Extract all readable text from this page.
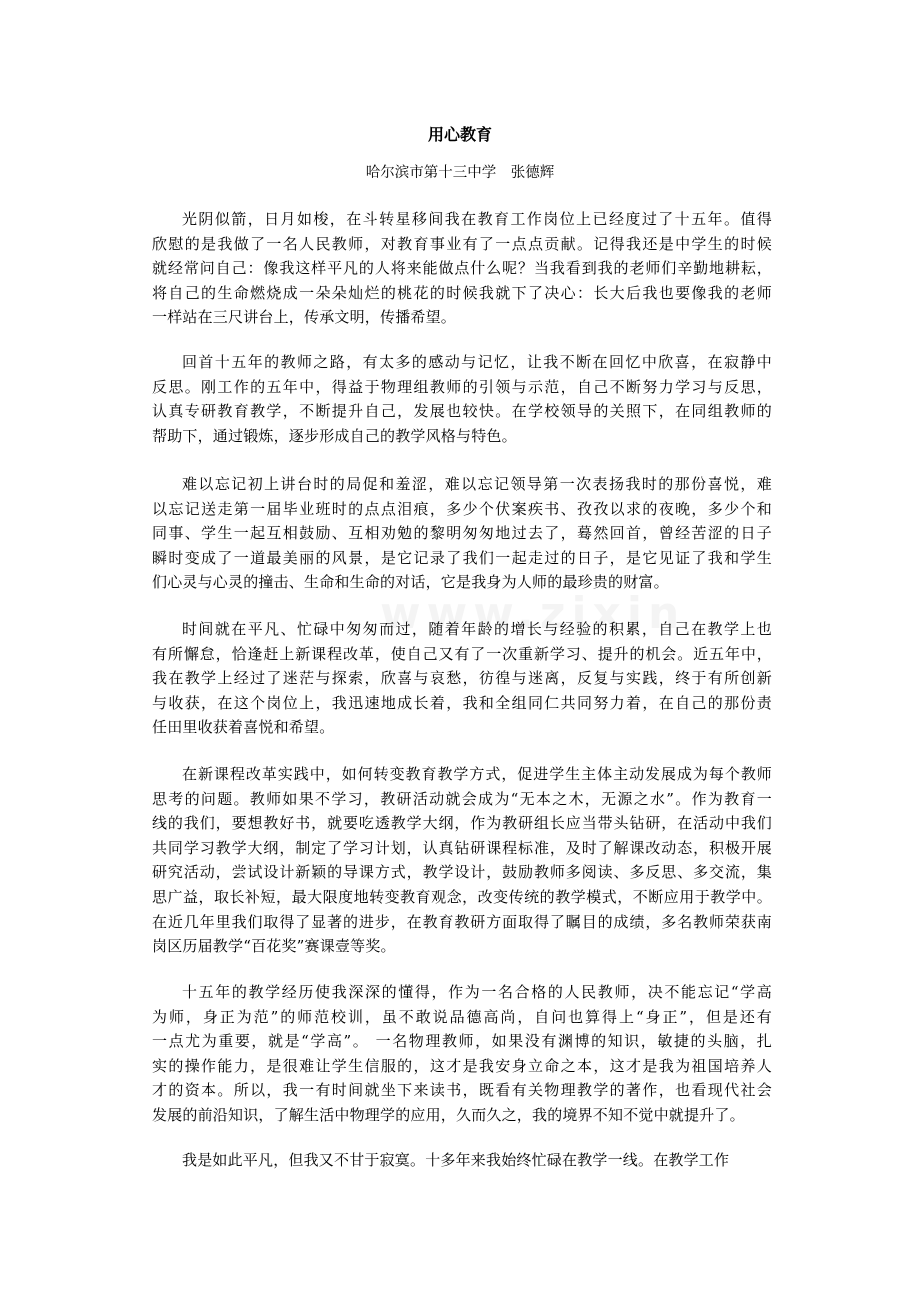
用心教育
哈尔滨市第十三中学　张德辉
光阴似箭，日月如梭，在斗转星移间我在教育工作岗位上已经度过了十五年。值得
欣慰的是我做了一名人民教师，对教育事业有了一点点贡献。记得我还是中学生的时候
就经常问自己：像我这样平凡的人将来能做点什么呢？当我看到我的老师们辛勤地耕耘，
将自己的生命燃烧成一朵朵灿烂的桃花的时候我就下了决心：长大后我也要像我的老师
一样站在三尺讲台上，传承文明，传播希望。
回首十五年的教师之路，有太多的感动与记忆，让我不断在回忆中欣喜，在寂静中
反思。刚工作的五年中，得益于物理组教师的引领与示范，自己不断努力学习与反思，
认真专研教育教学，不断提升自己，发展也较快。在学校领导的关照下，在同组教师的
帮助下，通过锻炼，逐步形成自己的教学风格与特色。
难以忘记初上讲台时的局促和羞涩，难以忘记领导第一次表扬我时的那份喜悦，难
以忘记送走第一届毕业班时的点点泪痕，多少个伏案疾书、孜孜以求的夜晚，多少个和
同事、学生一起互相鼓励、互相劝勉的黎明匆匆地过去了，蓦然回首，曾经苦涩的日子
瞬时变成了一道最美丽的风景，是它记录了我们一起走过的日子，是它见证了我和学生
们心灵与心灵的撞击、生命和生命的对话，它是我身为人师的最珍贵的财富。
时间就在平凡、忙碌中匆匆而过，随着年龄的增长与经验的积累，自己在教学上也
有所懈怠，恰逢赶上新课程改革，使自己又有了一次重新学习、提升的机会。近五年中，
我在教学上经过了迷茫与探索，欣喜与哀愁，彷徨与迷离，反复与实践，终于有所创新
与收获，在这个岗位上，我迅速地成长着，我和全组同仁共同努力着，在自己的那份责
任田里收获着喜悦和希望。
在新课程改革实践中，如何转变教育教学方式，促进学生主体主动发展成为每个教师
思考的问题。教师如果不学习，教研活动就会成为“无本之木，无源之水”。作为教育一
线的我们，要想教好书，就要吃透教学大纲，作为教研组长应当带头钻研，在活动中我们
共同学习教学大纲，制定了学习计划，认真钻研课程标准，及时了解课改动态，积极开展
研究活动，尝试设计新颖的导课方式，教学设计，鼓励教师多阅读、多反思、多交流，集
思广益，取长补短，最大限度地转变教育观念，改变传统的教学模式，不断应用于教学中。
在近几年里我们取得了显著的进步，在教育教研方面取得了瞩目的成绩，多名教师荣获南
岗区历届教学“百花奖”赛课壹等奖。
十五年的教学经历使我深深的懂得，作为一名合格的人民教师，决不能忘记“学高
为师，身正为范”的师范校训，虽不敢说品德高尚，自问也算得上“身正”，但是还有
一点尤为重要，就是“学高”。 一名物理教师，如果没有渊博的知识，敏捷的头脑，扎
实的操作能力，是很难让学生信服的，这才是我安身立命之本，这才是我为祖国培养人
才的资本。所以，我一有时间就坐下来读书，既看有关物理教学的著作，也看现代社会
发展的前沿知识，了解生活中物理学的应用，久而久之，我的境界不知不觉中就提升了。
我是如此平凡，但我又不甘于寂寞。十多年来我始终忙碌在教学一线。在教学工作
